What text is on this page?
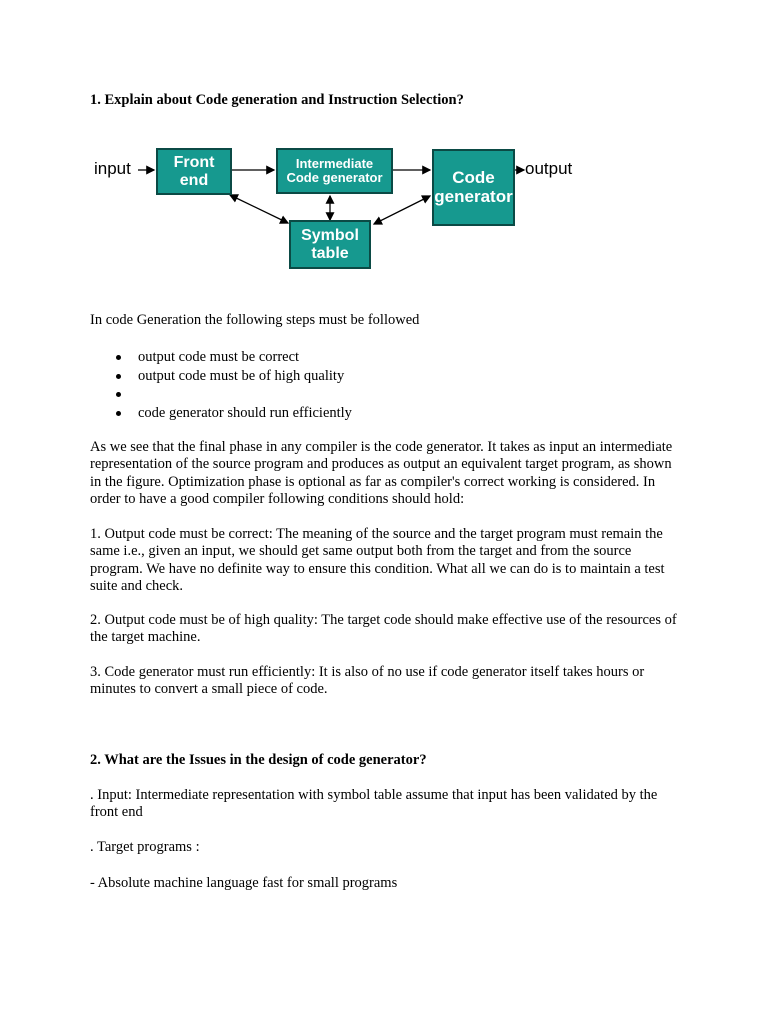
1. Explain about Code generation and Instruction Selection?
input	Front end
Intermediate Code generator	Code generator
output
Symbol table
In code Generation the following steps must be followed
output code must be correct
output code must be of high quality
code generator should run efficiently
As we see that the final phase in any compiler is the code generator. It takes as input an intermediate representation of the source program and produces as output an equivalent target program, as shown in the figure. Optimization phase is optional as far as compiler's correct working is considered. In order to have a good compiler following conditions should hold:
1. Output code must be correct: The meaning of the source and the target program must remain the same i.e., given an input, we should get same output both from the target and from the source program. We have no definite way to ensure this condition. What all we can do is to maintain a test suite and check.
2. Output code must be of high quality: The target code should make effective use of the resources of the target machine.
3. Code generator must run efficiently: It is also of no use if code generator itself takes hours or minutes to convert a small piece of code.
2. What are the Issues in the design of code generator?
. Input: Intermediate representation with symbol table assume that input has been validated by the front end
. Target programs :
- Absolute machine language fast for small programs
